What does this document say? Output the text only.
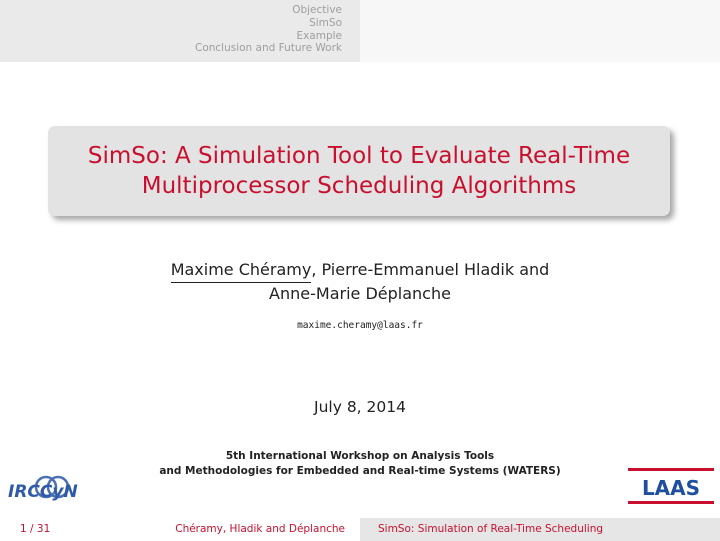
Objective
SimSo
Example
Conclusion and Future Work
SimSo: A Simulation Tool to Evaluate Real-Time
Multiprocessor Scheduling Algorithms
Maxime Chéramy, Pierre-Emmanuel Hladik and
Anne-Marie Déplanche
maxime.cheramy@laas.fr
July 8, 2014
5th International Workshop on Analysis Tools
and Methodologies for Embedded and Real-time Systems (WATERS)
IRCCyN	LAAS
1 / 31	Chéramy, Hladik and Déplanche	SimSo: Simulation of Real-Time Scheduling
